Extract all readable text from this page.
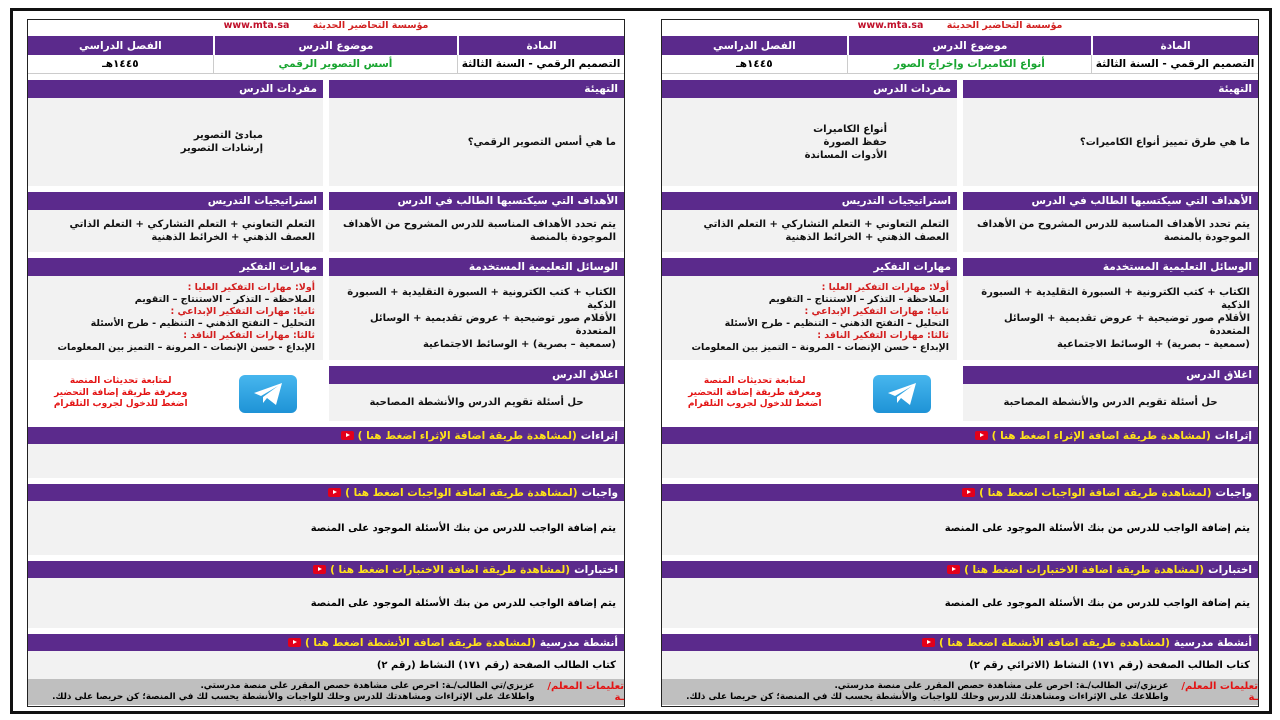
مؤسسة التحاضير الحديثة www.mta.sa
المادة
موضوع الدرس
الفصل الدراسي
التصميم الرقمي - السنة الثالثة
أنواع الكاميرات وإخراج الصور
١٤٤٥هـ
التهيئة
ما هي طرق تمييز أنواع الكاميرات؟
مفردات الدرس
أنواع الكاميرات
حفظ الصورة
الأدوات المساندة
الأهداف التي سيكتسبها الطالب في الدرس
يتم تحدد الأهداف المناسبة للدرس المشروح من الأهداف الموجودة بالمنصة
استراتيجيات التدريس
التعلم التعاوني + التعلم التشاركي + التعلم الذاتي
العصف الذهني + الخرائط الذهنية
الوسائل التعليمية المستخدمة
الكتاب + كتب الكترونية + السبورة التقليدية + السبورة الذكية
الأقلام صور توضيحية + عروض تقديمية + الوسائل المتعددة
(سمعية – بصرية) + الوسائط الاجتماعية
مهارات التفكير
أولا: مهارات التفكير العليا :
الملاحظة – التذكر – الاستنتاج – التقويم
ثانيا: مهارات التفكير الإبداعي :
التحليل – التفتح الذهني – التنظيم - طرح الأسئلة
ثالثا: مهارات التفكير الناقد :
الإبداع - حسن الإنصات - المرونة – التميز بين المعلومات
اغلاق الدرس
حل أسئلة تقويم الدرس والأنشطة المصاحبة
لمتابعة تحديثات المنصة
ومعرفة طريقة إضافة التحضير
اضغط للدخول لجروب التلقرام
إثراءات
(لمشاهدة طريقة اضافة الإثراء اضغط هنا )
واجبات
(لمشاهدة طريقة اضافة الواجبات اضغط هنا )
يتم إضافة الواجب للدرس من بنك الأسئلة الموجود على المنصة
اختبارات
(لمشاهدة طريقة اضافة الاختبارات اضغط هنا )
يتم إضافة الواجب للدرس من بنك الأسئلة الموجود على المنصة
أنشطة مدرسية
(لمشاهدة طريقة اضافة الأنشطة اضغط هنا )
كتاب الطالب الصفحة (رقم ١٧١) النشاط (الاثرائي رقم ٢)
تعليمات المعلم/ـة
عزيزي/تي الطالب/ـة: احرص على مشاهدة حصص المقرر على منصة مدرستي.
واطلاعك على الإثراءات ومشاهدتك للدرس وحلك للواجبات والأنشطة يحسب لك في المنصة؛ كن حريصا على ذلك.
مؤسسة التحاضير الحديثة www.mta.sa
المادة
موضوع الدرس
الفصل الدراسي
التصميم الرقمي - السنة الثالثة
أسس التصوير الرقمي
١٤٤٥هـ
التهيئة
ما هي أسس التصوير الرقمي؟
مفردات الدرس
مبادئ التصوير
إرشادات التصوير
الأهداف التي سيكتسبها الطالب في الدرس
يتم تحدد الأهداف المناسبة للدرس المشروح من الأهداف الموجودة بالمنصة
استراتيجيات التدريس
التعلم التعاوني + التعلم التشاركي + التعلم الذاتي
العصف الذهني + الخرائط الذهنية
الوسائل التعليمية المستخدمة
الكتاب + كتب الكترونية + السبورة التقليدية + السبورة الذكية
الأقلام صور توضيحية + عروض تقديمية + الوسائل المتعددة
(سمعية – بصرية) + الوسائط الاجتماعية
مهارات التفكير
أولا: مهارات التفكير العليا :
الملاحظة – التذكر – الاستنتاج – التقويم
ثانيا: مهارات التفكير الإبداعي :
التحليل – التفتح الذهني – التنظيم - طرح الأسئلة
ثالثا: مهارات التفكير الناقد :
الإبداع - حسن الإنصات - المرونة – التميز بين المعلومات
اغلاق الدرس
حل أسئلة تقويم الدرس والأنشطة المصاحبة
لمتابعة تحديثات المنصة
ومعرفة طريقة إضافة التحضير
اضغط للدخول لجروب التلقرام
إثراءات
(لمشاهدة طريقة اضافة الإثراء اضغط هنا )
واجبات
(لمشاهدة طريقة اضافة الواجبات اضغط هنا )
يتم إضافة الواجب للدرس من بنك الأسئلة الموجود على المنصة
اختبارات
(لمشاهدة طريقة اضافة الاختبارات اضغط هنا )
يتم إضافة الواجب للدرس من بنك الأسئلة الموجود على المنصة
أنشطة مدرسية
(لمشاهدة طريقة اضافة الأنشطة اضغط هنا )
كتاب الطالب الصفحة (رقم ١٧١) النشاط (رقم ٢)
تعليمات المعلم/ـة
عزيزي/تي الطالب/ـة: احرص على مشاهدة حصص المقرر على منصة مدرستي.
واطلاعك على الإثراءات ومشاهدتك للدرس وحلك للواجبات والأنشطة يحسب لك في المنصة؛ كن حريصا على ذلك.
